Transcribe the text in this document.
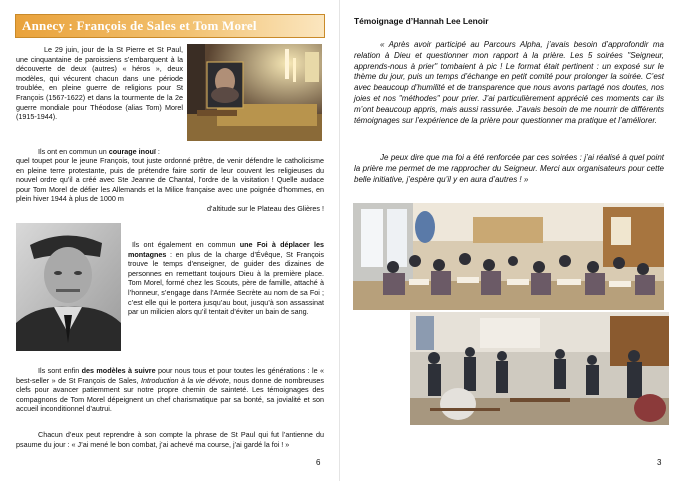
Annecy : François de Sales et Tom Morel

Le 29 juin, jour de la St Pierre et St Paul, une cinquantaine de paroissiens s’embarquent à la découverte de deux (autres) « héros », deux modèles, qui vécurent chacun dans une période troublée, en pleine guerre de religions pour St François (1567-1622) et dans la tourmente de la 2e guerre mondiale pour Théodose (alias Tom) Morel (1915-1944).

Ils ont en commun un courage inouï :

quel toupet pour le jeune François, tout juste ordonné prêtre, de venir défendre le catholicisme en pleine terre protestante, puis de prétendre faire sortir de leur couvent les religieuses du nouvel ordre qu’il a créé avec Ste Jeanne de Chantal, l’ordre de la visitation ! Quelle audace pour Tom Morel de défier les Allemands et la Milice française avec une poignée d’hommes, en plein hiver 1944 à plus de 1000 m

d’altitude sur le Plateau des Glières !

Ils ont également en commun une Foi à déplacer les montagnes : en plus de la charge d’Évêque, St François trouve le temps d’enseigner, de guider des dizaines de personnes en remettant toujours Dieu à la première place. Tom Morel, formé chez les Scouts, père de famille, attaché à l’honneur, s’engage dans l’Armée Secrète au nom de sa Foi ; c’est elle qui le portera jusqu’au bout, jusqu’à son assassinat par un milicien alors qu’il tentait d’éviter un bain de sang.

Ils sont enfin des modèles à suivre pour nous tous et pour toutes les générations : le « best-seller » de St François de Sales, Introduction à la vie dévote, nous donne de nombreuses clefs pour avancer patiemment sur notre propre chemin de sainteté. Les témoignages des compagnons de Tom Morel dépeignent un chef charismatique par sa bonté, sa jovialité et son accueil inconditionnel d’autrui.

Chacun d’eux peut reprendre à son compte la phrase de St Paul qui fut l’antienne du psaume du jour : « J’ai mené le bon combat, j’ai achevé ma course, j’ai gardé la foi ! »

6
Témoignage d’Hannah Lee Lenoir

« Après avoir participé au Parcours Alpha, j’avais besoin d’approfondir ma relation à Dieu et questionner mon rapport à la prière. Les 5 soirées "Seigneur, apprends-nous à prier" tombaient à pic ! Le format était pertinent : un exposé sur le thème du jour, puis un temps d’échange en petit comité pour prolonger la soirée. C’est avec beaucoup d’humilité et de transparence que nous avons partagé nos doutes, nos joies et nos "méthodes" pour prier. J’ai particulièrement apprécié ces moments car ils m’ont beaucoup appris, mais aussi rassurée. J’avais besoin de me nourrir de différents témoignages sur l’expérience de la prière pour questionner ma pratique et l’améliorer.

Je peux dire que ma foi a été renforcée par ces soirées : j’ai réalisé à quel point la prière me permet de me rapprocher du Seigneur. Merci aux organisateurs pour cette belle initiative, j’espère qu’il y en aura d’autres ! »

3
